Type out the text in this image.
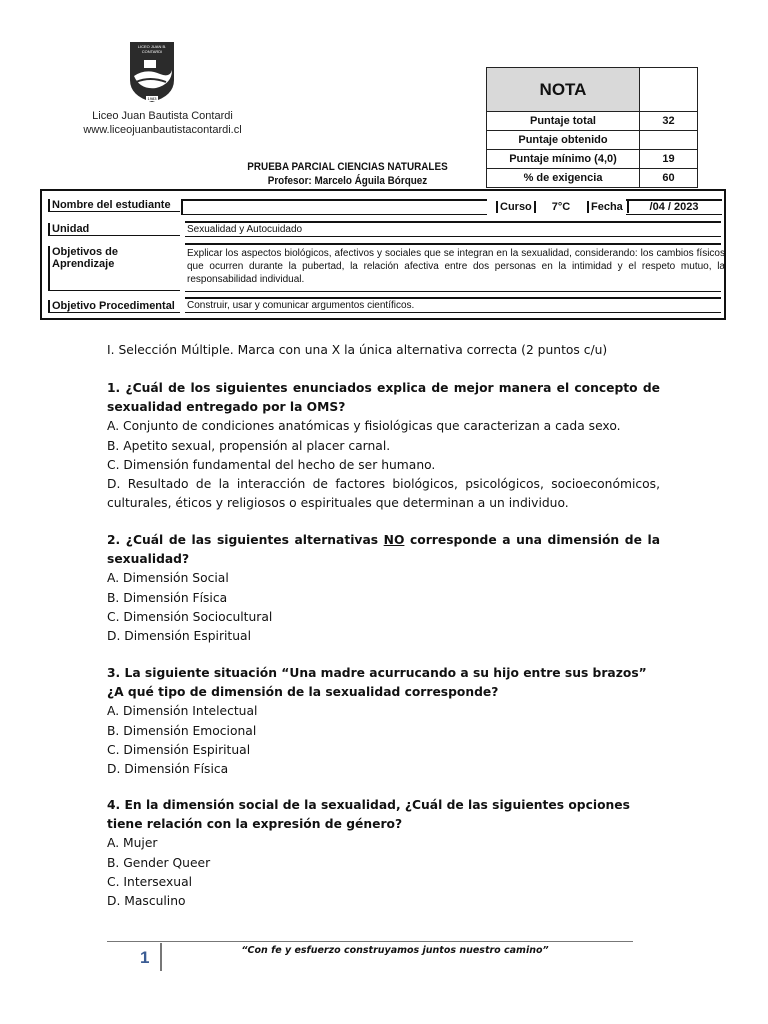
LICEO JUAN B. CONTARDI
1983
Liceo Juan Bautista Contardi
www.liceojuanbautistacontardi.cl
PRUEBA PARCIAL CIENCIAS NATURALES
Profesor: Marcelo Águila Bórquez
NOTA	
Puntaje total	32
Puntaje obtenido	
Puntaje mínimo (4,0)	19
% de exigencia	60
Nombre del estudiante	Curso	7°C	Fecha	/04 / 2023
Unidad	Sexualidad y Autocuidado
Objetivos de Aprendizaje
Explicar los aspectos biológicos, afectivos y sociales que se integran en la sexualidad, considerando: los cambios físicos que ocurren durante la pubertad, la relación afectiva entre dos personas en la intimidad y el respeto mutuo, la responsabilidad individual.
Objetivo Procedimental	Construir, usar y comunicar argumentos científicos.
I. Selección Múltiple. Marca con una X la única alternativa correcta (2 puntos c/u)
1. ¿Cuál de los siguientes enunciados explica de mejor manera el concepto de sexualidad entregado por la OMS?
A. Conjunto de condiciones anatómicas y fisiológicas que caracterizan a cada sexo.
B. Apetito sexual, propensión al placer carnal.
C. Dimensión fundamental del hecho de ser humano.
D. Resultado de la interacción de factores biológicos, psicológicos, socioeconómicos, culturales, éticos y religiosos o espirituales que determinan a un individuo.
2. ¿Cuál de las siguientes alternativas NO corresponde a una dimensión de la sexualidad?
A. Dimensión Social
B. Dimensión Física
C. Dimensión Sociocultural
D. Dimensión Espiritual
3. La siguiente situación “Una madre acurrucando a su hijo entre sus brazos” ¿A qué tipo de dimensión de la sexualidad corresponde?
A. Dimensión Intelectual
B. Dimensión Emocional
C. Dimensión Espiritual
D. Dimensión Física
4. En la dimensión social de la sexualidad, ¿Cuál de las siguientes opciones tiene relación con la expresión de género?
A. Mujer
B. Gender Queer
C. Intersexual
D. Masculino
1	“Con fe y esfuerzo construyamos juntos nuestro camino”
